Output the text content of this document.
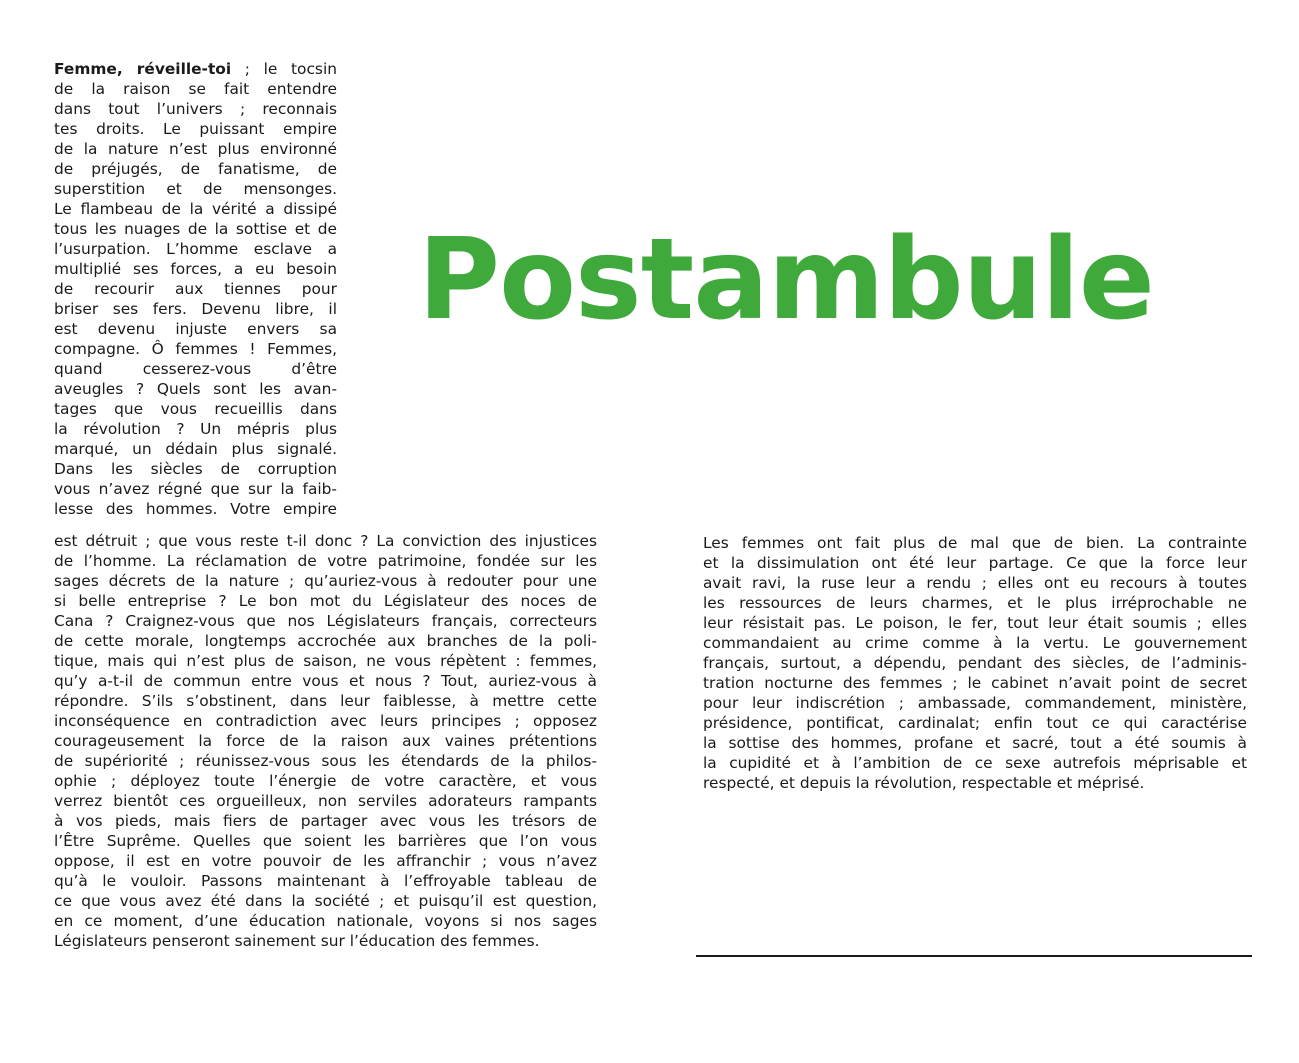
Femme, réveille-toi ; le tocsin
de la raison se fait entendre
dans tout l’univers ; reconnais
tes droits. Le puissant empire
de la nature n’est plus environné
de préjugés, de fanatisme, de
superstition et de mensonges.
Le flambeau de la vérité a dissipé
tous les nuages de la sottise et de
l’usurpation. L’homme esclave a
multiplié ses forces, a eu besoin
de recourir aux tiennes pour
briser ses fers. Devenu libre, il
est devenu injuste envers sa
compagne. Ô femmes ! Femmes,
quand cesserez-vous d’être
aveugles ? Quels sont les avan-
tages que vous recueillis dans
la révolution ? Un mépris plus
marqué, un dédain plus signalé.
Dans les siècles de corruption
vous n’avez régné que sur la faib-
lesse des hommes. Votre empire
Postambule
est détruit ; que vous reste t-il donc ? La conviction des injustices
de l’homme. La réclamation de votre patrimoine, fondée sur les
sages décrets de la nature ; qu’auriez-vous à redouter pour une
si belle entreprise ? Le bon mot du Législateur des noces de
Cana ? Craignez-vous que nos Législateurs français, correcteurs
de cette morale, longtemps accrochée aux branches de la poli-
tique, mais qui n’est plus de saison, ne vous répètent : femmes,
qu’y a-t-il de commun entre vous et nous ? Tout, auriez-vous à
répondre. S’ils s’obstinent, dans leur faiblesse, à mettre cette
inconséquence en contradiction avec leurs principes ; opposez
courageusement la force de la raison aux vaines prétentions
de supériorité ; réunissez-vous sous les étendards de la philos-
ophie ; déployez toute l’énergie de votre caractère, et vous
verrez bientôt ces orgueilleux, non serviles adorateurs rampants
à vos pieds, mais fiers de partager avec vous les trésors de
l’Être Suprême. Quelles que soient les barrières que l’on vous
oppose, il est en votre pouvoir de les affranchir ; vous n’avez
qu’à le vouloir. Passons maintenant à l’effroyable tableau de
ce que vous avez été dans la société ; et puisqu’il est question,
en ce moment, d’une éducation nationale, voyons si nos sages
Législateurs penseront sainement sur l’éducation des femmes.
Les femmes ont fait plus de mal que de bien. La contrainte
et la dissimulation ont été leur partage. Ce que la force leur
avait ravi, la ruse leur a rendu ; elles ont eu recours à toutes
les ressources de leurs charmes, et le plus irréprochable ne
leur résistait pas. Le poison, le fer, tout leur était soumis ; elles
commandaient au crime comme à la vertu. Le gouvernement
français, surtout, a dépendu, pendant des siècles, de l’adminis-
tration nocturne des femmes ; le cabinet n’avait point de secret
pour leur indiscrétion ; ambassade, commandement, ministère,
présidence, pontificat, cardinalat; enfin tout ce qui caractérise
la sottise des hommes, profane et sacré, tout a été soumis à
la cupidité et à l’ambition de ce sexe autrefois méprisable et
respecté, et depuis la révolution, respectable et méprisé.
